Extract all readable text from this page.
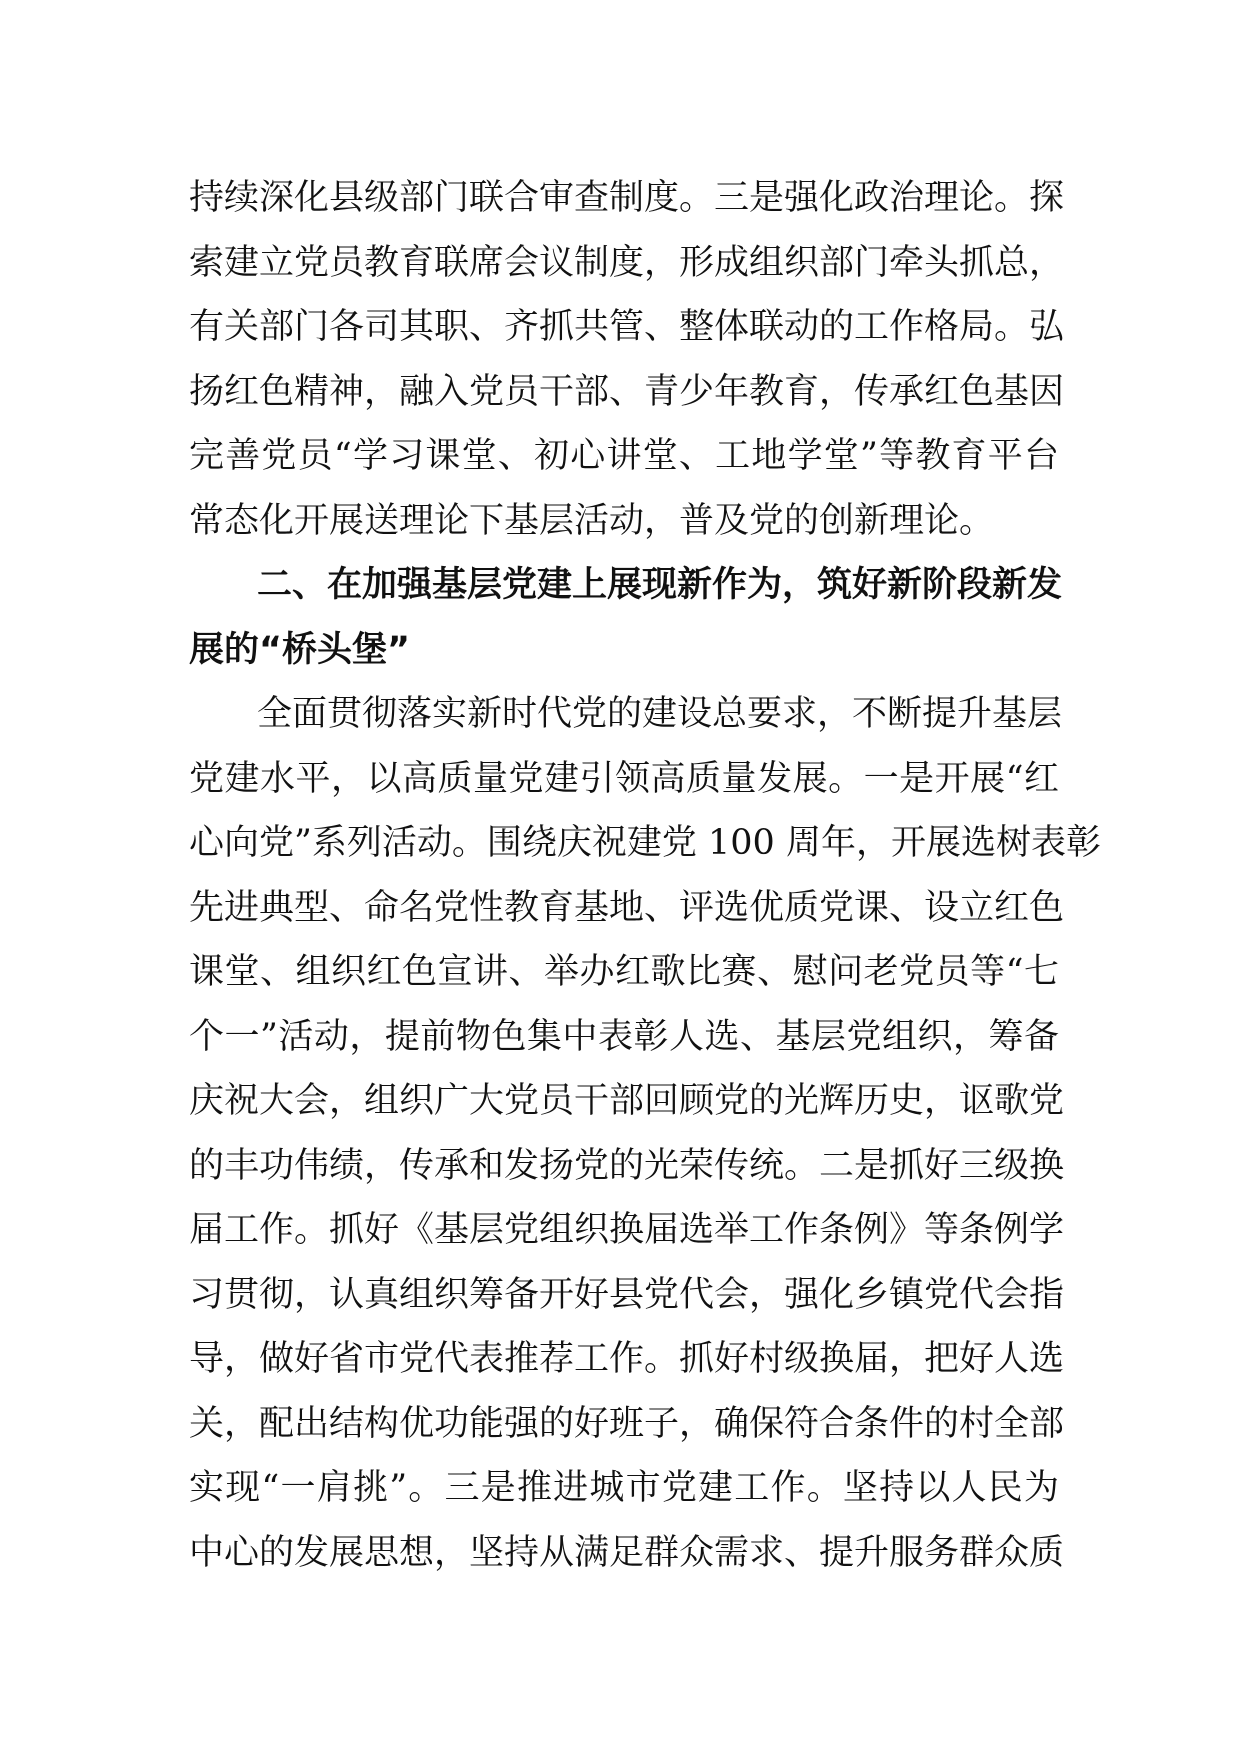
持续深化县级部门联合审查制度。三是强化政治理论。探
索建立党员教育联席会议制度，形成组织部门牵头抓总，
有关部门各司其职、齐抓共管、整体联动的工作格局。弘
扬红色精神，融入党员干部、青少年教育，传承红色基因
完善党员“学习课堂、初心讲堂、工地学堂”等教育平台
常态化开展送理论下基层活动，普及党的创新理论。
二、在加强基层党建上展现新作为，筑好新阶段新发
展的“桥头堡”
全面贯彻落实新时代党的建设总要求，不断提升基层
党建水平，以高质量党建引领高质量发展。一是开展“红
心向党”系列活动。围绕庆祝建党 100 周年，开展选树表彰
先进典型、命名党性教育基地、评选优质党课、设立红色
课堂、组织红色宣讲、举办红歌比赛、慰问老党员等“七
个一”活动，提前物色集中表彰人选、基层党组织，筹备
庆祝大会，组织广大党员干部回顾党的光辉历史，讴歌党
的丰功伟绩，传承和发扬党的光荣传统。二是抓好三级换
届工作。抓好《基层党组织换届选举工作条例》等条例学
习贯彻，认真组织筹备开好县党代会，强化乡镇党代会指
导，做好省市党代表推荐工作。抓好村级换届，把好人选
关，配出结构优功能强的好班子，确保符合条件的村全部
实现“一肩挑”。三是推进城市党建工作。坚持以人民为
中心的发展思想，坚持从满足群众需求、提升服务群众质
